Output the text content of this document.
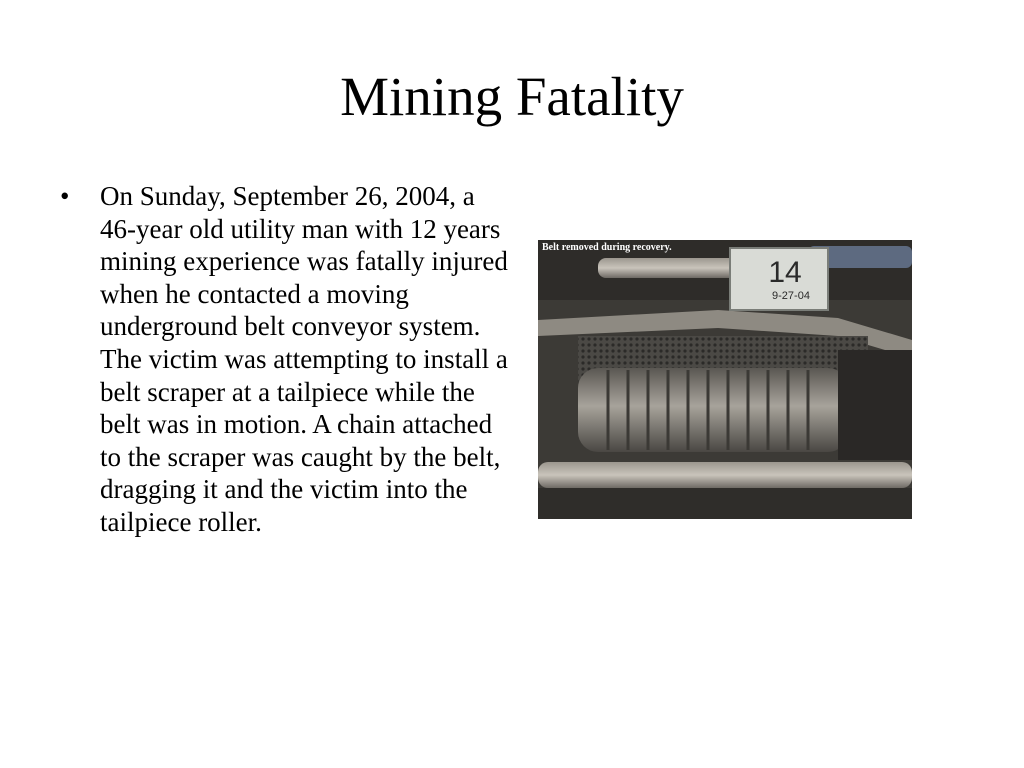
Mining Fatality
•	On Sunday, September 26, 2004, a 46-year old utility man with 12 years mining experience was fatally injured when he contacted a moving underground belt conveyor system. The victim was attempting to install a belt scraper at a tailpiece while the belt was in motion. A chain attached to the scraper was caught by the belt, dragging it and the victim into the tailpiece roller.
Belt removed during recovery.
14
9-27-04
